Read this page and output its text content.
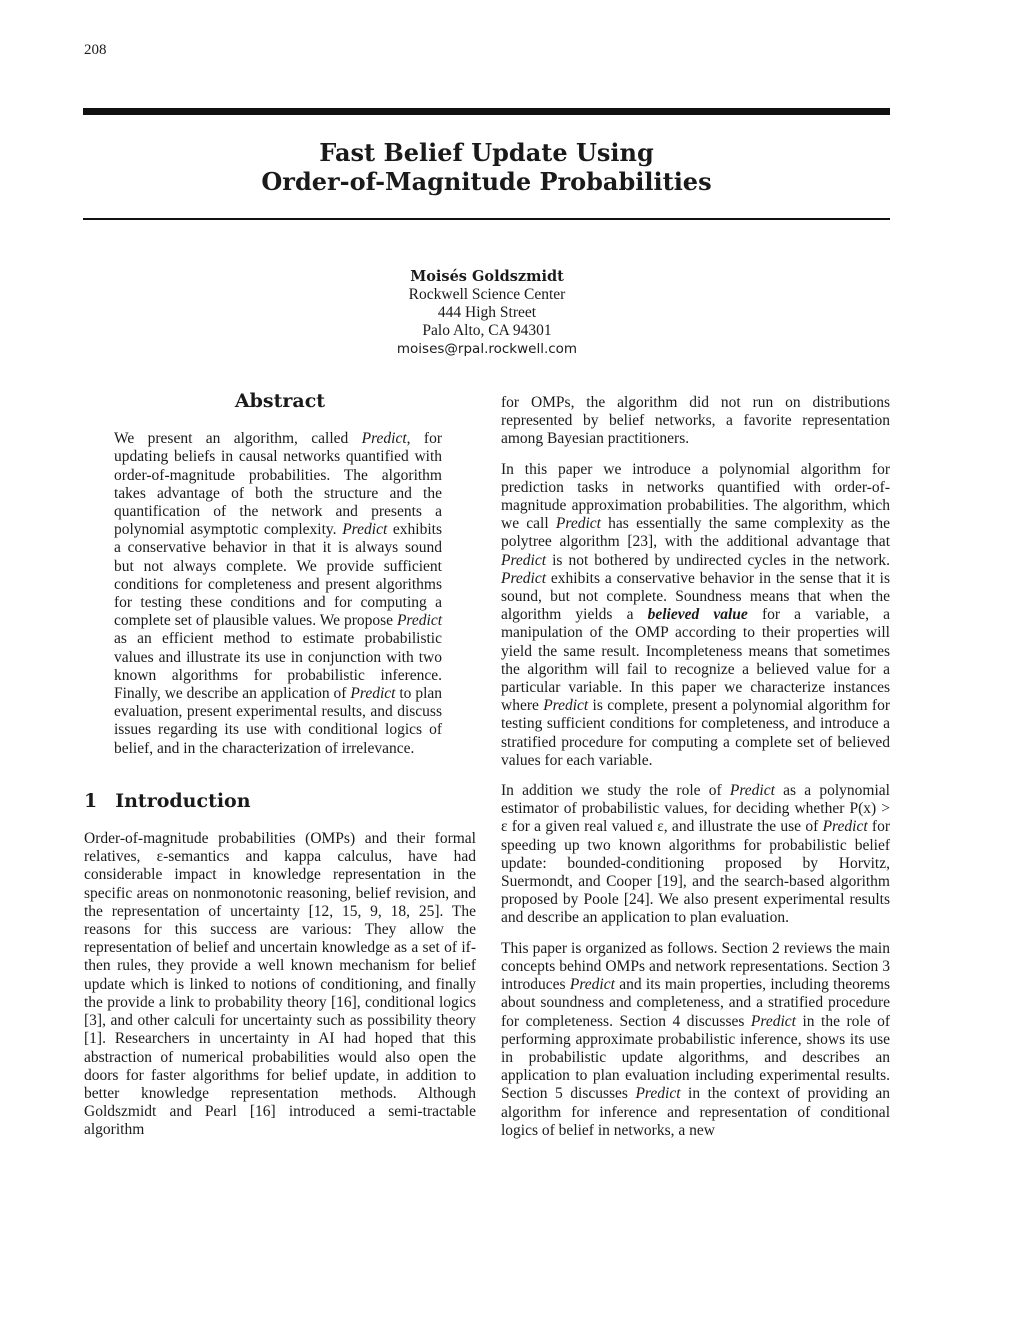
208
Fast Belief Update Using
Order-of-Magnitude Probabilities
Moisés Goldszmidt
Rockwell Science Center
444 High Street
Palo Alto, CA 94301
moises@rpal.rockwell.com
Abstract
We present an algorithm, called Predict, for updating beliefs in causal networks quantified with order-of-magnitude probabilities. The algorithm takes advantage of both the structure and the quantification of the network and presents a polynomial asymptotic complexity. Predict exhibits a conservative behavior in that it is always sound but not always complete. We provide sufficient conditions for completeness and present algorithms for testing these conditions and for computing a complete set of plausible values. We propose Predict as an efficient method to estimate probabilistic values and illustrate its use in conjunction with two known algorithms for probabilistic inference. Finally, we describe an application of Predict to plan evaluation, present experimental results, and discuss issues regarding its use with conditional logics of belief, and in the characterization of irrelevance.
1 Introduction

Order-of-magnitude probabilities (OMPs) and their formal relatives, ε-semantics and kappa calculus, have had considerable impact in knowledge representation in the specific areas on nonmonotonic reasoning, belief revision, and the representation of uncertainty [12, 15, 9, 18, 25]. The reasons for this success are various: They allow the representation of belief and uncertain knowledge as a set of if-then rules, they provide a well known mechanism for belief update which is linked to notions of conditioning, and finally the provide a link to probability theory [16], conditional logics [3], and other calculi for uncertainty such as possibility theory [1]. Researchers in uncertainty in AI had hoped that this abstraction of numerical probabilities would also open the doors for faster algorithms for belief update, in addition to better knowledge representation methods. Although Goldszmidt and Pearl [16] introduced a semi-tractable algorithm

for OMPs, the algorithm did not run on distributions represented by belief networks, a favorite representation among Bayesian practitioners.

In this paper we introduce a polynomial algorithm for prediction tasks in networks quantified with order-of-magnitude approximation probabilities. The algorithm, which we call Predict has essentially the same complexity as the polytree algorithm [23], with the additional advantage that Predict is not bothered by undirected cycles in the network. Predict exhibits a conservative behavior in the sense that it is sound, but not complete. Soundness means that when the algorithm yields a believed value for a variable, a manipulation of the OMP according to their properties will yield the same result. Incompleteness means that sometimes the algorithm will fail to recognize a believed value for a particular variable. In this paper we characterize instances where Predict is complete, present a polynomial algorithm for testing sufficient conditions for completeness, and introduce a stratified procedure for computing a complete set of believed values for each variable.

In addition we study the role of Predict as a polynomial estimator of probabilistic values, for deciding whether P(x) > ε for a given real valued ε, and illustrate the use of Predict for speeding up two known algorithms for probabilistic belief update: bounded-conditioning proposed by Horvitz, Suermondt, and Cooper [19], and the search-based algorithm proposed by Poole [24]. We also present experimental results and describe an application to plan evaluation.

This paper is organized as follows. Section 2 reviews the main concepts behind OMPs and network representations. Section 3 introduces Predict and its main properties, including theorems about soundness and completeness, and a stratified procedure for completeness. Section 4 discusses Predict in the role of performing approximate probabilistic inference, shows its use in probabilistic update algorithms, and describes an application to plan evaluation including experimental results. Section 5 discusses Predict in the context of providing an algorithm for inference and representation of conditional logics of belief in networks, a new
